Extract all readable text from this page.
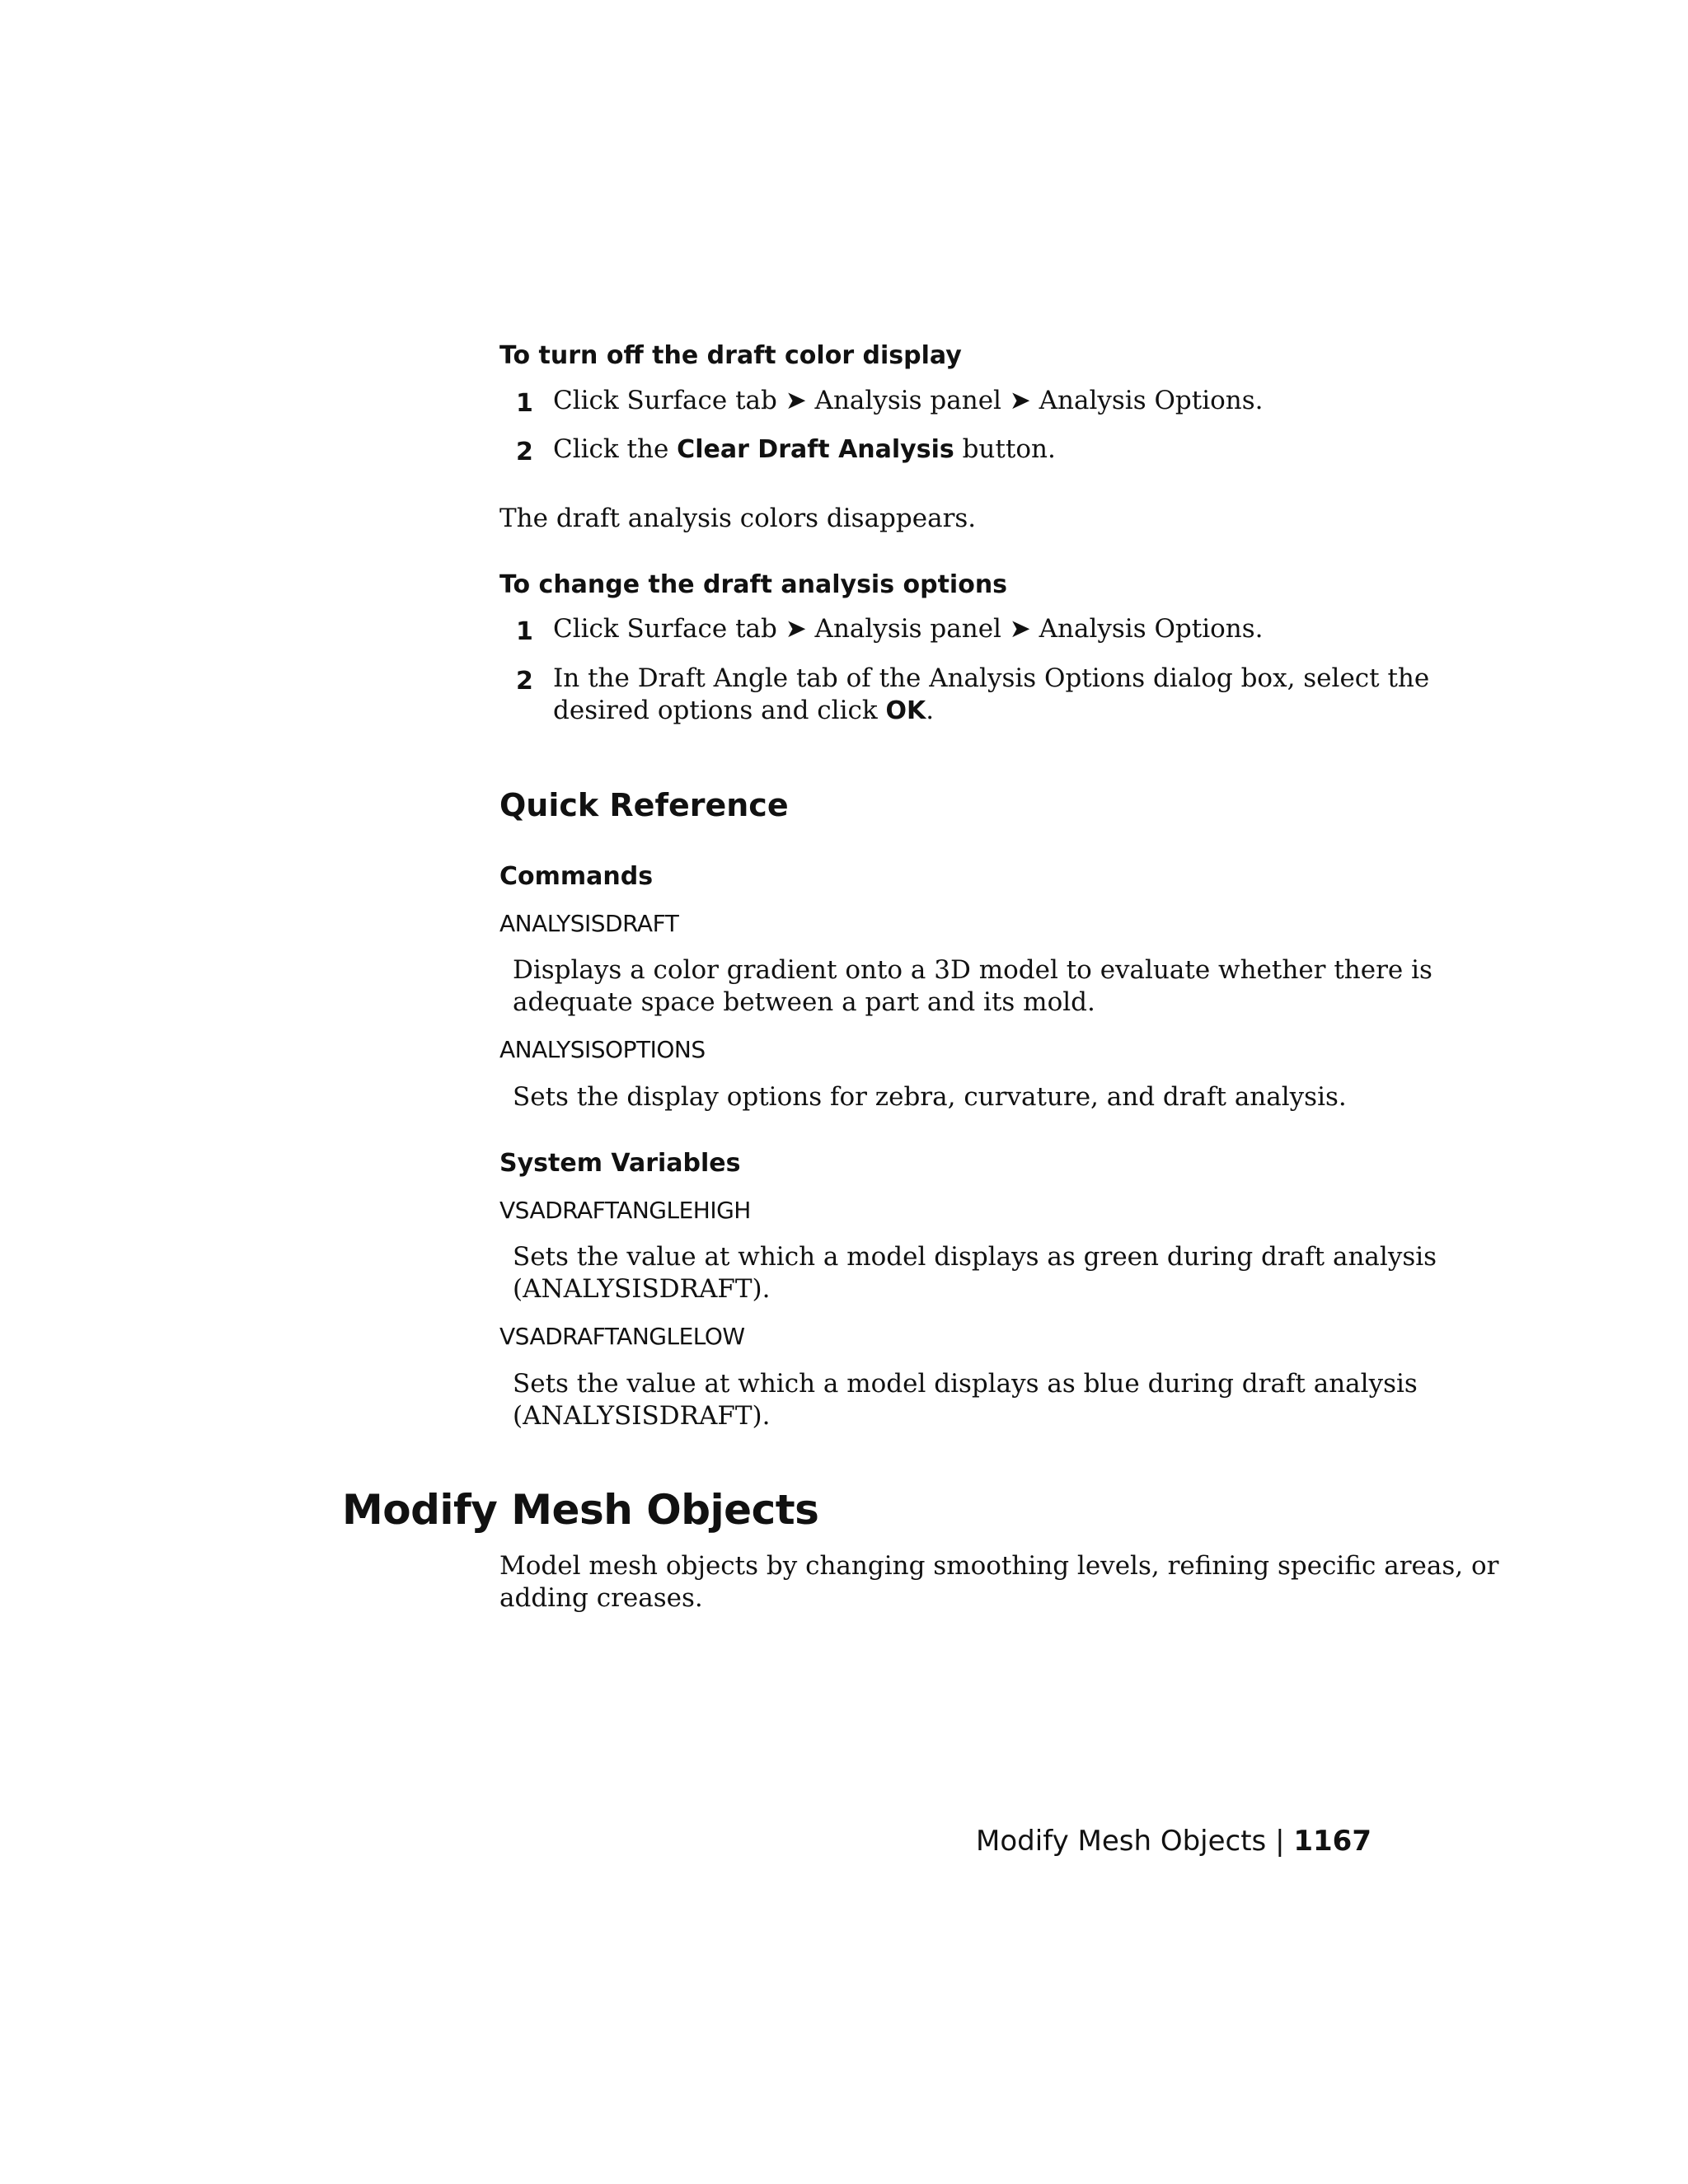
To turn off the draft color display
1 Click Surface tab ➤ Analysis panel ➤ Analysis Options.
2 Click the Clear Draft Analysis button.
The draft analysis colors disappears.
To change the draft analysis options
1 Click Surface tab ➤ Analysis panel ➤ Analysis Options.
2 In the Draft Angle tab of the Analysis Options dialog box, select the
desired options and click OK.
Quick Reference
Commands
ANALYSISDRAFT
Displays a color gradient onto a 3D model to evaluate whether there is
adequate space between a part and its mold.
ANALYSISOPTIONS
Sets the display options for zebra, curvature, and draft analysis.
System Variables
VSADRAFTANGLEHIGH
Sets the value at which a model displays as green during draft analysis
(ANALYSISDRAFT).
VSADRAFTANGLELOW
Sets the value at which a model displays as blue during draft analysis
(ANALYSISDRAFT).
Modify Mesh Objects
Model mesh objects by changing smoothing levels, refining specific areas, or
adding creases.
Modify Mesh Objects | 1167
